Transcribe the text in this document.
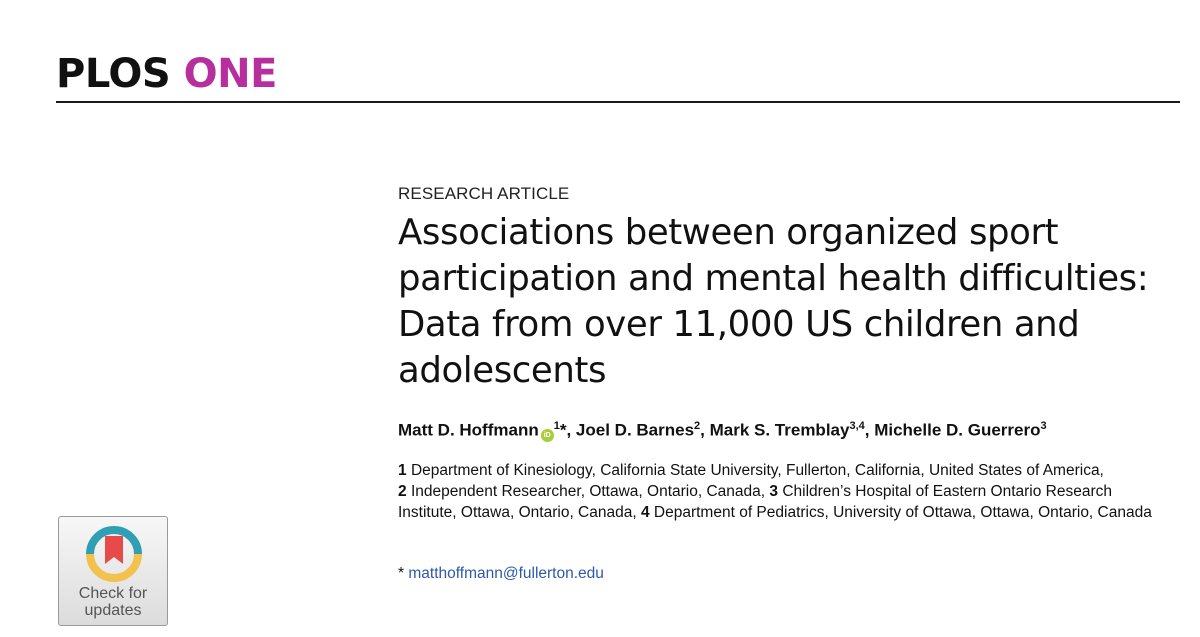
PLOS ONE
RESEARCH ARTICLE
Associations between organized sport participation and mental health difficulties: Data from over 11,000 US children and adolescents
Matt D. Hoffmann $iD^1*$, Joel D. Barnes$^2$, Mark S. Tremblay$^{3,4}$, Michelle D. Guerrero$^3$
1 Department of Kinesiology, California State University, Fullerton, California, United States of America,
2 Independent Researcher, Ottawa, Ontario, Canada, 3 Children’s Hospital of Eastern Ontario Research Institute, Ottawa, Ontario, Canada, 4 Department of Pediatrics, University of Ottawa, Ottawa, Ontario, Canada
* matthoffmann@fullerton.edu
Check for
updates
